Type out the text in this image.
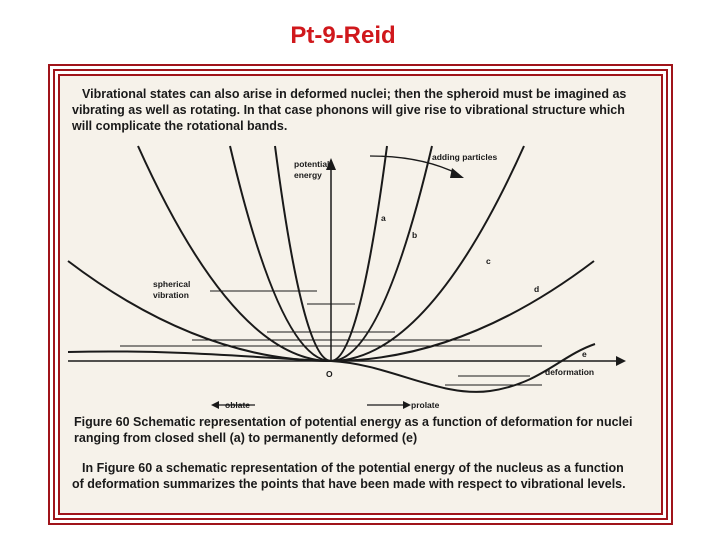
Pt-9-Reid

Vibrational states can also arise in deformed nuclei; then the spheroid must be imagined as vibrating as well as rotating. In that case phonons will give rise to vibrational structure which will complicate the rotational bands.

potential
energy
adding particles
spherical
vibration
a
b
c
d
e
O	deformation
oblate	prolate

Figure 60 Schematic representation of potential energy as a function of deformation for nuclei ranging from closed shell (a) to permanently deformed (e)

In Figure 60 a schematic representation of the potential energy of the nucleus as a function of deformation summarizes the points that have been made with respect to vibrational levels.
